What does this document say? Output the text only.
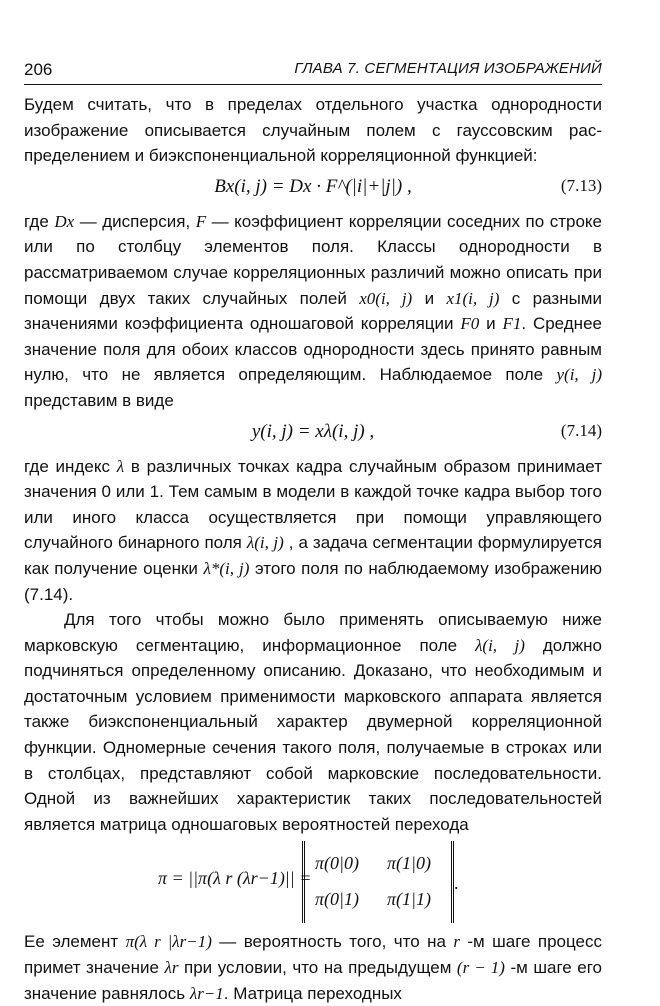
206	ГЛАВА 7. СЕГМЕНТАЦИЯ ИЗОБРАЖЕНИЙ

Будем считать, что в пределах отдельного участка однородности изображение описывается случайным полем с гауссовским распределением и биэкспоненциальной корреляционной функцией:

Bx(i, j) = Dx · F^(|i|+|j|) ,	(7.13)

где Dx — дисперсия, F — коэффициент корреляции соседних по строке или по столбцу элементов поля. Классы однородности в рассматриваемом случае корреляционных различий можно описать при помощи двух таких случайных полей x0(i, j) и x1(i, j) с разными значениями коэффициента одношаговой корреляции F0 и F1. Среднее значение поля для обоих классов однородности здесь принято равным нулю, что не является определяющим. Наблюдаемое поле y(i, j) представим в виде

y(i, j) = xλ(i, j) ,	(7.14)

где индекс λ в различных точках кадра случайным образом принимает значения 0 или 1. Тем самым в модели в каждой точке кадра выбор того или иного класса осуществляется при помощи управляющего случайного бинарного поля λ(i, j) , а задача сегментации формулируется как получение оценки λ*(i, j) этого поля по наблюдаемому изображению (7.14).

Для того чтобы можно было применять описываемую ниже марковскую сегментацию, информационное поле λ(i, j) должно подчиняться определенному описанию. Доказано, что необходимым и достаточным условием применимости марковского аппарата является также биэкспоненциальный характер двумерной корреляционной функции. Одномерные сечения такого поля, получаемые в строках или в столбцах, представляют собой марковские последовательности. Одной из важнейших характеристик таких последовательностей является матрица одношаговых вероятностей перехода

π = ||π(λ r (λr−1)|| =
π(0|0) π(1|0)
π(0|1) π(1|1)
.

Ее элемент π(λ r |λr−1) — вероятность того, что на r -м шаге процесс примет значение λr при условии, что на предыдущем (r − 1) -м шаге его значение равнялось λr−1. Матрица переходных
